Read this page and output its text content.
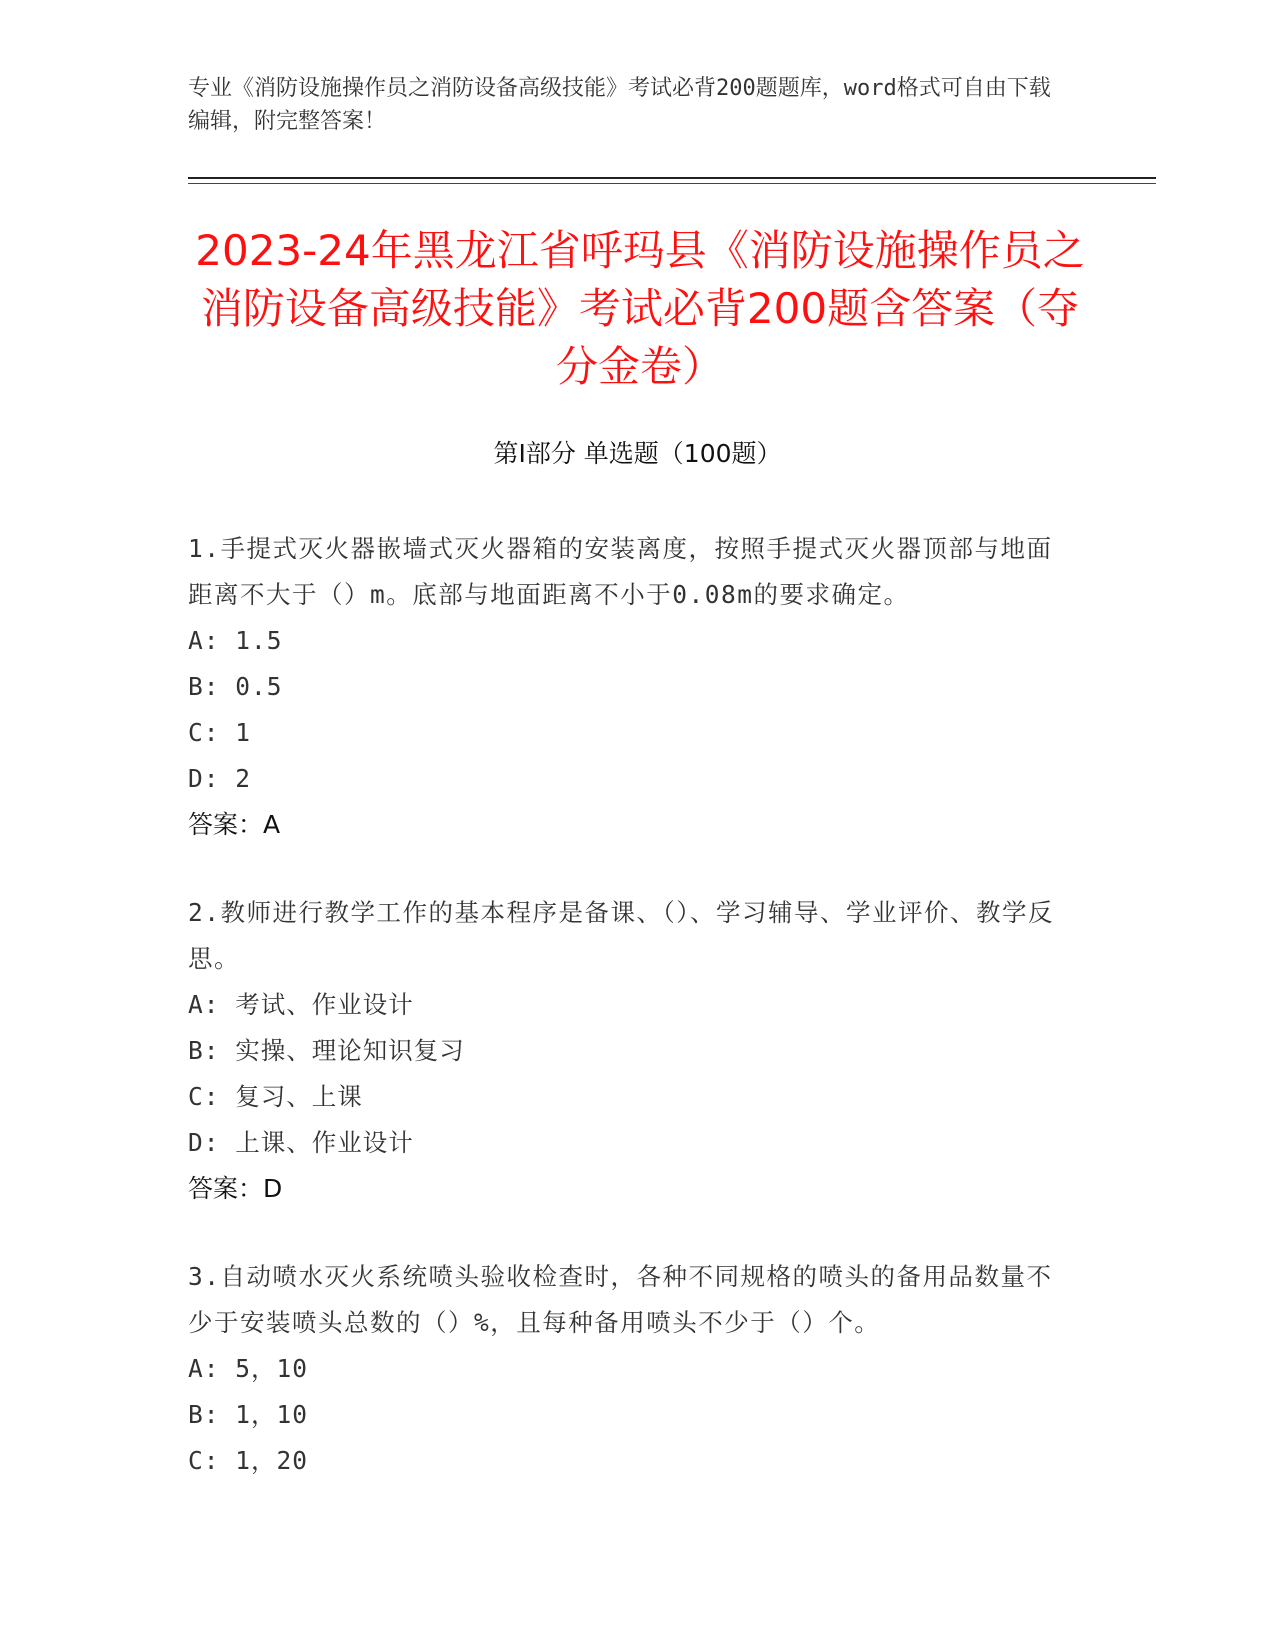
专业《消防设施操作员之消防设备高级技能》考试必背200题题库，word格式可自由下载编辑，附完整答案！
2023-24年黑龙江省呼玛县《消防设施操作员之消防设备高级技能》考试必背200题含答案（夺分金卷）
第I部分 单选题（100题）
1.手提式灭火器嵌墙式灭火器箱的安装离度，按照手提式灭火器顶部与地面距离不大于（）m。底部与地面距离不小于0.08m的要求确定。
A: 1.5
B: 0.5
C: 1
D: 2
答案：A
2.教师进行教学工作的基本程序是备课、（）、学习辅导、学业评价、教学反思。
A: 考试、作业设计
B: 实操、理论知识复习
C: 复习、上课
D: 上课、作业设计
答案：D
3.自动喷水灭火系统喷头验收检查时，各种不同规格的喷头的备用品数量不少于安装喷头总数的（）%，且每种备用喷头不少于（）个。
A: 5，10
B: 1，10
C: 1，20
